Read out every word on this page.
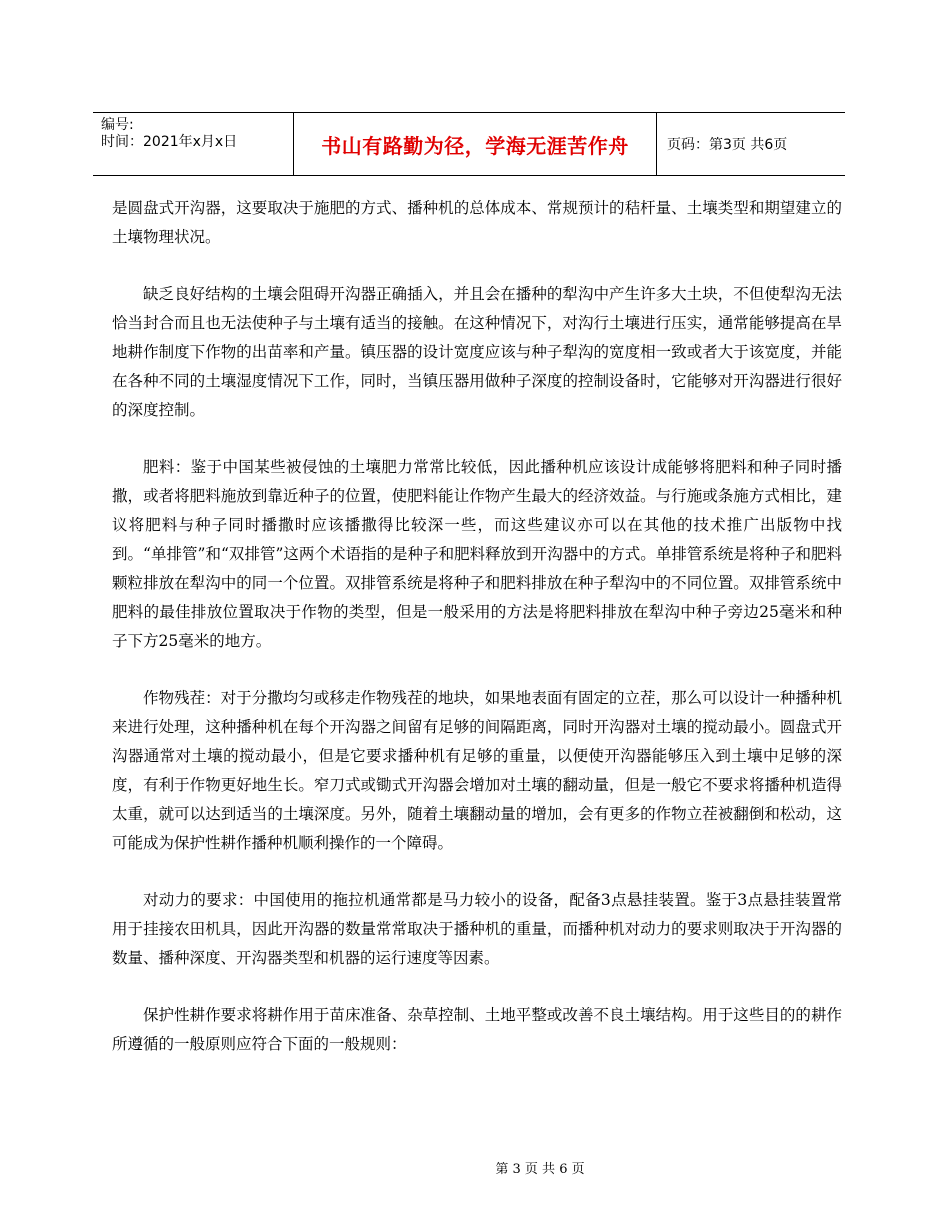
编号:
时间：2021年x月x日	书山有路勤为径，学海无涯苦作舟	页码：第3页 共6页

是圆盘式开沟器，这要取决于施肥的方式、播种机的总体成本、常规预计的秸杆量、土壤类型和期望建立的土壤物理状况。

缺乏良好结构的土壤会阻碍开沟器正确插入，并且会在播种的犁沟中产生许多大土块，不但使犁沟无法恰当封合而且也无法使种子与土壤有适当的接触。在这种情况下，对沟行土壤进行压实，通常能够提高在旱地耕作制度下作物的出苗率和产量。镇压器的设计宽度应该与种子犁沟的宽度相一致或者大于该宽度，并能在各种不同的土壤湿度情况下工作，同时，当镇压器用做种子深度的控制设备时，它能够对开沟器进行很好的深度控制。

肥料：鉴于中国某些被侵蚀的土壤肥力常常比较低，因此播种机应该设计成能够将肥料和种子同时播撒，或者将肥料施放到靠近种子的位置，使肥料能让作物产生最大的经济效益。与行施或条施方式相比，建议将肥料与种子同时播撒时应该播撒得比较深一些，而这些建议亦可以在其他的技术推广出版物中找到。“单排管”和“双排管”这两个术语指的是种子和肥料释放到开沟器中的方式。单排管系统是将种子和肥料颗粒排放在犁沟中的同一个位置。双排管系统是将种子和肥料排放在种子犁沟中的不同位置。双排管系统中肥料的最佳排放位置取决于作物的类型，但是一般采用的方法是将肥料排放在犁沟中种子旁边25毫米和种子下方25毫米的地方。

作物残茬：对于分撒均匀或移走作物残茬的地块，如果地表面有固定的立茬，那么可以设计一种播种机来进行处理，这种播种机在每个开沟器之间留有足够的间隔距离，同时开沟器对土壤的搅动最小。圆盘式开沟器通常对土壤的搅动最小，但是它要求播种机有足够的重量，以便使开沟器能够压入到土壤中足够的深度，有利于作物更好地生长。窄刀式或锄式开沟器会增加对土壤的翻动量，但是一般它不要求将播种机造得太重，就可以达到适当的土壤深度。另外，随着土壤翻动量的增加，会有更多的作物立茬被翻倒和松动，这可能成为保护性耕作播种机顺利操作的一个障碍。

对动力的要求：中国使用的拖拉机通常都是马力较小的设备，配备3点悬挂装置。鉴于3点悬挂装置常用于挂接农田机具，因此开沟器的数量常常取决于播种机的重量，而播种机对动力的要求则取决于开沟器的数量、播种深度、开沟器类型和机器的运行速度等因素。

保护性耕作要求将耕作用于苗床准备、杂草控制、土地平整或改善不良土壤结构。用于这些目的的耕作所遵循的一般原则应符合下面的一般规则：

第 3 页 共 6 页
